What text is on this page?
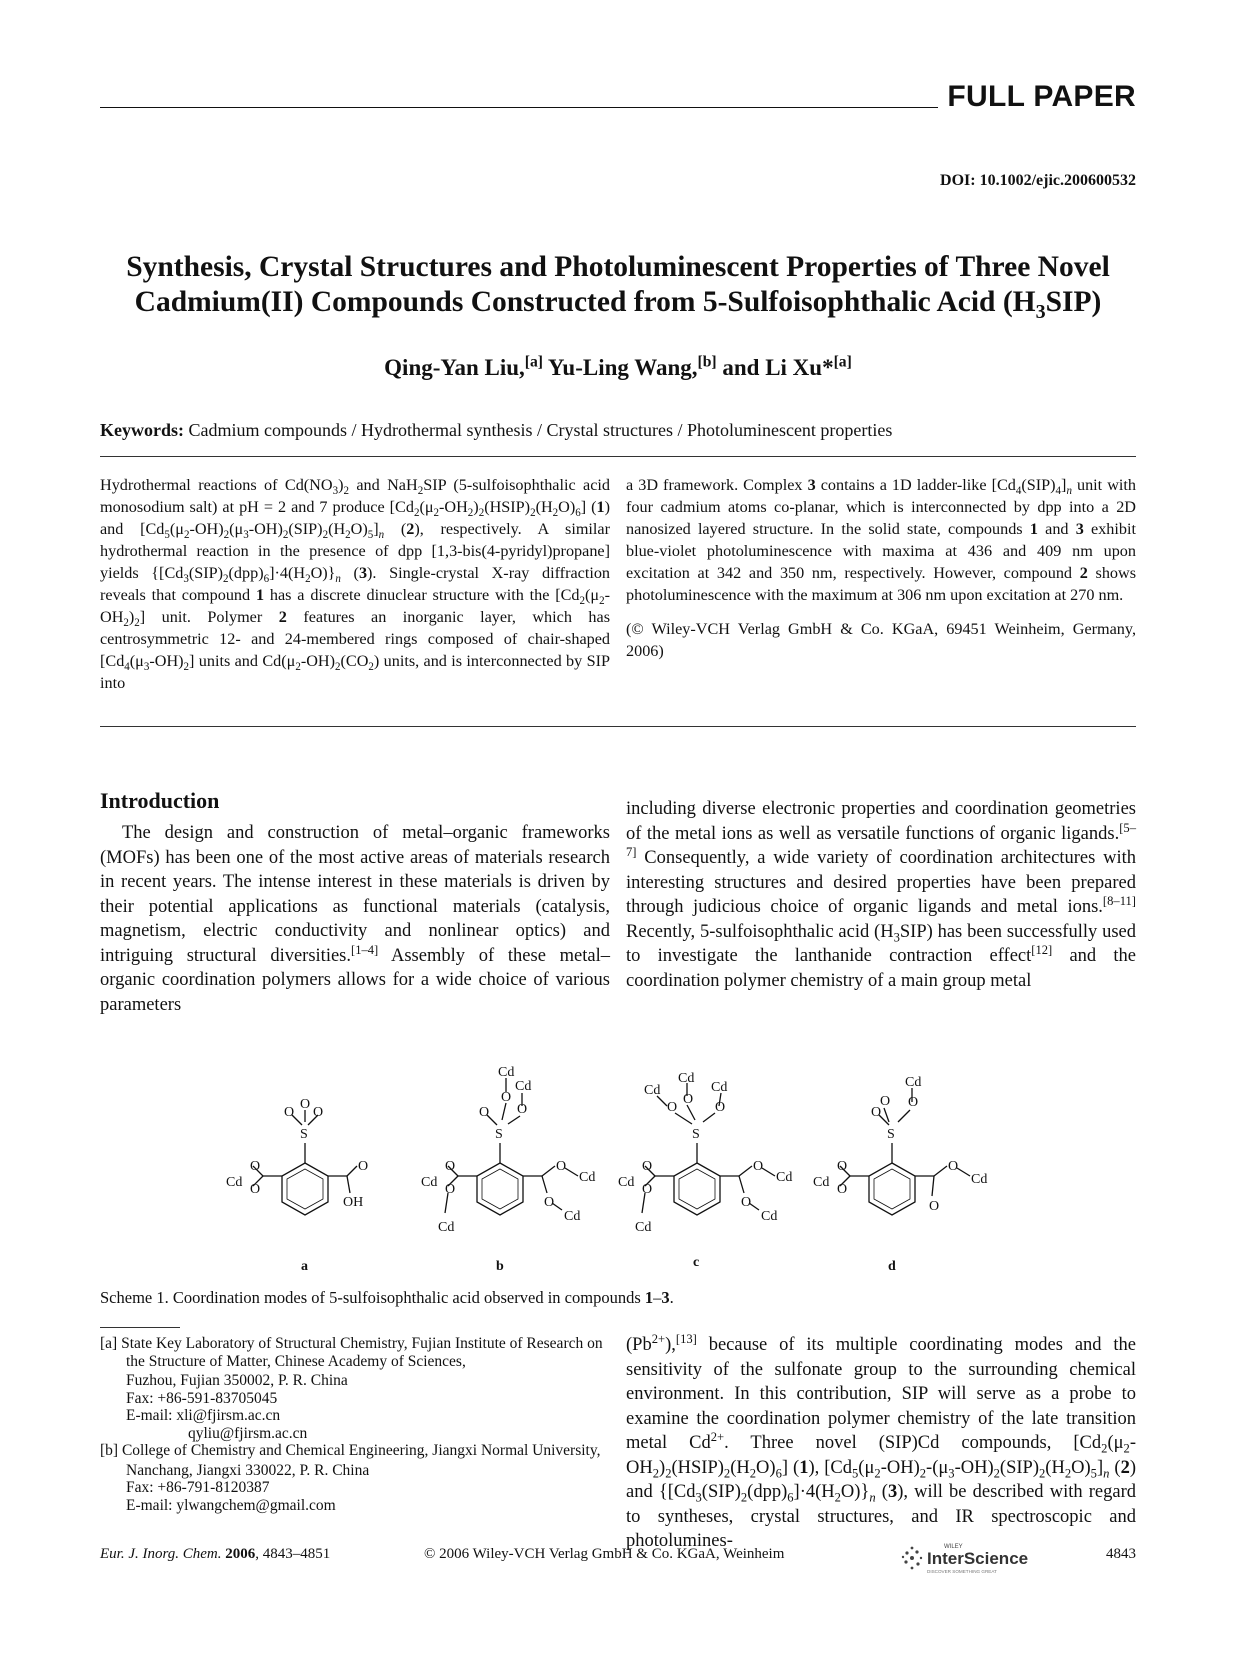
FULL PAPER
DOI: 10.1002/ejic.200600532
Synthesis, Crystal Structures and Photoluminescent Properties of Three Novel
Cadmium(II) Compounds Constructed from 5-Sulfoisophthalic Acid $(H_3SIP)$
Qing-Yan Liu,[a] Yu-Ling Wang,[b] and Li Xu*[a]
Keywords: Cadmium compounds / Hydrothermal synthesis / Crystal structures / Photoluminescent properties
Hydrothermal reactions of $Cd(NO_3)_2$ and NaH$_2$SIP (5-sulfoisophthalic acid monosodium salt) at pH = 2 and 7 produce $[Cd_2(\mu_2-OH_2)_2(HSIP)_2(H_2O)_6]$ (1) and $[Cd_5(\mu_2-OH)_2(\mu_3-OH)_2(SIP)_2(H_2O)_5]_n$ (2), respectively. A similar hydrothermal reaction in the presence of dpp [1,3-bis(4-pyridyl)propane] yields $\{[Cd_3(SIP)_2(dpp)_6]\cdot 4(H_2O)\}_n$ (3). Single-crystal X-ray diffraction reveals that compound 1 has a discrete dinuclear structure with the $[Cd_2(\mu_2-OH_2)_2]$ unit. Polymer 2 features an inorganic layer, which has centrosymmetric 12- and 24-membered rings composed of chair-shaped $[Cd_4(\mu_3-OH)_2]$ units and $Cd(\mu_2-OH)_2(CO_2)$ units, and is interconnected by SIP into
a 3D framework. Complex 3 contains a 1D ladder-like $[Cd_4(SIP)_4]_n$ unit with four cadmium atoms co-planar, which is interconnected by dpp into a 2D nanosized layered structure. In the solid state, compounds 1 and 3 exhibit blue-violet photoluminescence with maxima at 436 and 409 nm upon excitation at 342 and 350 nm, respectively. However, compound 2 shows photoluminescence with the maximum at 306 nm upon excitation at 270 nm.
(© Wiley-VCH Verlag GmbH & Co. KGaA, 69451 Weinheim, Germany, 2006)
Introduction
The design and construction of metal–organic frameworks (MOFs) has been one of the most active areas of materials research in recent years. The intense interest in these materials is driven by their potential applications as functional materials (catalysis, magnetism, electric conductivity and nonlinear optics) and intriguing structural diversities.[1–4] Assembly of these metal–organic coordination polymers allows for a wide choice of various parameters
including diverse electronic properties and coordination geometries of the metal ions as well as versatile functions of organic ligands.[5–7] Consequently, a wide variety of coordination architectures with interesting structures and desired properties have been prepared through judicious choice of organic ligands and metal ions.[8–11] Recently, 5-sulfoisophthalic acid $(H_3SIP)$ has been successfully used to investigate the lanthanide contraction effect[12] and the coordination polymer chemistry of a main group metal
S
O O
O
O
O
Cd
O
OH
a
S
O
O
O
Cd
Cd
O
O
Cd
Cd
O
O
Cd
Cd
b
S
O
O
O
Cd
Cd
Cd
O
O
Cd
Cd
O
O
Cd
Cd
c
S
O
O O
Cd
O
O
Cd
O
O
Cd
d
Scheme 1. Coordination modes of 5-sulfoisophthalic acid observed in compounds 1–3.
[a] State Key Laboratory of Structural Chemistry, Fujian Institute of Research on the Structure of Matter, Chinese Academy of Sciences,
Fuzhou, Fujian 350002, P. R. China
Fax: +86-591-83705045
E-mail: xli@fjirsm.ac.cn
qyliu@fjirsm.ac.cn
[b] College of Chemistry and Chemical Engineering, Jiangxi Normal University,
Nanchang, Jiangxi 330022, P. R. China
Fax: +86-791-8120387
E-mail: ylwangchem@gmail.com
$(Pb^{2+}),[13]$ because of its multiple coordinating modes and the sensitivity of the sulfonate group to the surrounding chemical environment. In this contribution, SIP will serve as a probe to examine the coordination polymer chemistry of the late transition metal $Cd^{2+}$. Three novel (SIP)Cd compounds, $[Cd_2(\mu_2-OH_2)_2(HSIP)_2(H_2O)_6]$ (1), $[Cd_5(\mu_2-OH)_2-(\mu_3-OH)_2(SIP)_2(H_2O)_5]_n$ (2) and $\{[Cd_3(SIP)_2(dpp)_6]\cdot 4(H_2O)\}_n$ (3), will be described with regard to syntheses, crystal structures, and IR spectroscopic and photolumines-
Eur. J. Inorg. Chem. 2006, 4843–4851	© 2006 Wiley-VCH Verlag GmbH & Co. KGaA, Weinheim	WILEY
InterScience
DISCOVER SOMETHING GREAT
4843
